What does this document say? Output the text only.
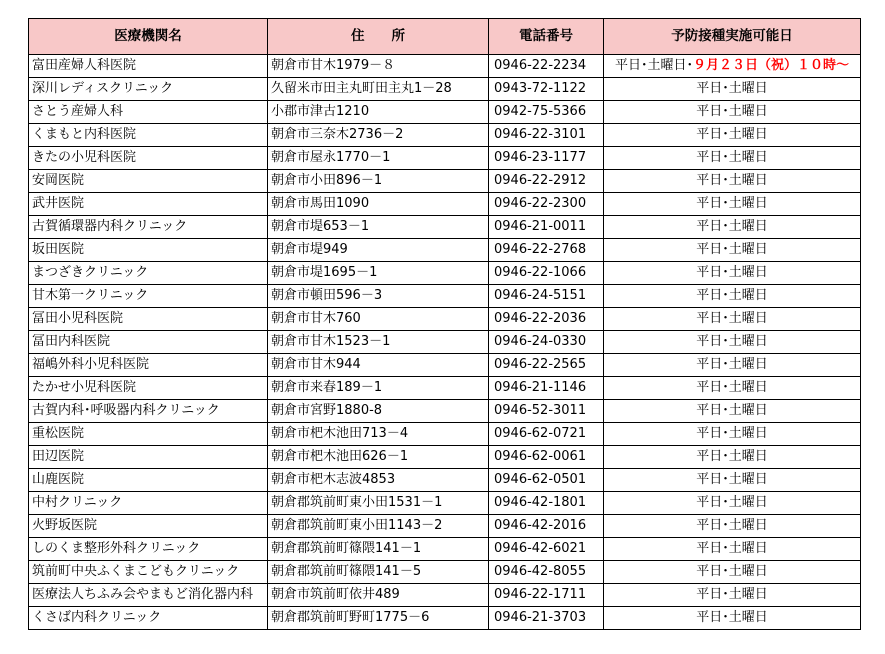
医療機関名	住　　所	電話番号	予防接種実施可能日
富田産婦人科医院	朝倉市甘木1979－８	0946-22-2234	平日･土曜日･９月２３日（祝）１０時～
深川レディスクリニック	久留米市田主丸町田主丸1－28	0943-72-1122	平日･土曜日
さとう産婦人科	小郡市津古1210	0942-75-5366	平日･土曜日
くまもと内科医院	朝倉市三奈木2736－2	0946-22-3101	平日･土曜日
きたの小児科医院	朝倉市屋永1770－1	0946-23-1177	平日･土曜日
安岡医院	朝倉市小田896－1	0946-22-2912	平日･土曜日
武井医院	朝倉市馬田1090	0946-22-2300	平日･土曜日
古賀循環器内科クリニック	朝倉市堤653－1	0946-21-0011	平日･土曜日
坂田医院	朝倉市堤949	0946-22-2768	平日･土曜日
まつざきクリニック	朝倉市堤1695－1	0946-22-1066	平日･土曜日
甘木第一クリニック	朝倉市頓田596－3	0946-24-5151	平日･土曜日
冨田小児科医院	朝倉市甘木760	0946-22-2036	平日･土曜日
冨田内科医院	朝倉市甘木1523－1	0946-24-0330	平日･土曜日
福嶋外科小児科医院	朝倉市甘木944	0946-22-2565	平日･土曜日
たかせ小児科医院	朝倉市来春189－1	0946-21-1146	平日･土曜日
古賀内科･呼吸器内科クリニック	朝倉市宮野1880-8	0946-52-3011	平日･土曜日
重松医院	朝倉市杷木池田713－4	0946-62-0721	平日･土曜日
田辺医院	朝倉市杷木池田626－1	0946-62-0061	平日･土曜日
山鹿医院	朝倉市杷木志波4853	0946-62-0501	平日･土曜日
中村クリニック	朝倉郡筑前町東小田1531－1	0946-42-1801	平日･土曜日
火野坂医院	朝倉郡筑前町東小田1143－2	0946-42-2016	平日･土曜日
しのくま整形外科クリニック	朝倉郡筑前町篠隈141－1	0946-42-6021	平日･土曜日
筑前町中央ふくまこどもクリニック	朝倉郡筑前町篠隈141－5	0946-42-8055	平日･土曜日
医療法人ちふみ会やまもど消化器内科	朝倉市筑前町依井489	0946-22-1711	平日･土曜日
くさば内科クリニック	朝倉郡筑前町野町1775－6	0946-21-3703	平日･土曜日
